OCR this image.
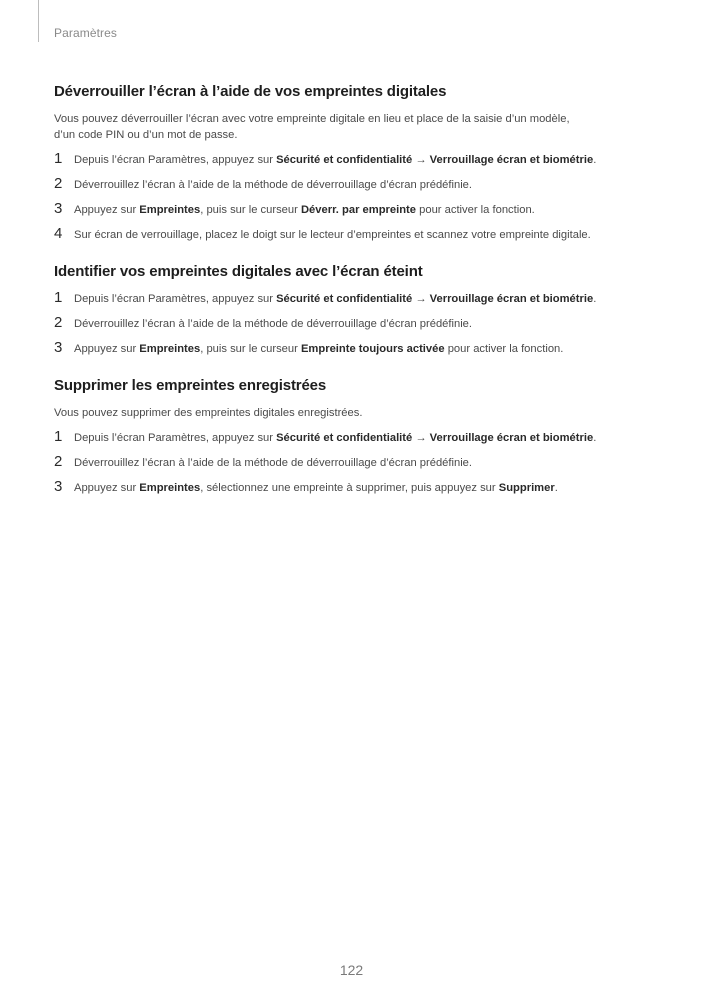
Paramètres
Déverrouiller l’écran à l’aide de vos empreintes digitales

Vous pouvez déverrouiller l’écran avec votre empreinte digitale en lieu et place de la saisie d’un modèle,
d’un code PIN ou d’un mot de passe.

1 Depuis l’écran Paramètres, appuyez sur Sécurité et confidentialité → Verrouillage écran et biométrie.
2 Déverrouillez l’écran à l’aide de la méthode de déverrouillage d’écran prédéfinie.
3 Appuyez sur Empreintes, puis sur le curseur Déverr. par empreinte pour activer la fonction.
4 Sur écran de verrouillage, placez le doigt sur le lecteur d’empreintes et scannez votre empreinte digitale.
Identifier vos empreintes digitales avec l’écran éteint
1 Depuis l’écran Paramètres, appuyez sur Sécurité et confidentialité → Verrouillage écran et biométrie.
2 Déverrouillez l’écran à l’aide de la méthode de déverrouillage d’écran prédéfinie.
3 Appuyez sur Empreintes, puis sur le curseur Empreinte toujours activée pour activer la fonction.
Supprimer les empreintes enregistrées

Vous pouvez supprimer des empreintes digitales enregistrées.

1 Depuis l’écran Paramètres, appuyez sur Sécurité et confidentialité → Verrouillage écran et biométrie.
2 Déverrouillez l’écran à l’aide de la méthode de déverrouillage d’écran prédéfinie.
3 Appuyez sur Empreintes, sélectionnez une empreinte à supprimer, puis appuyez sur Supprimer.
122
